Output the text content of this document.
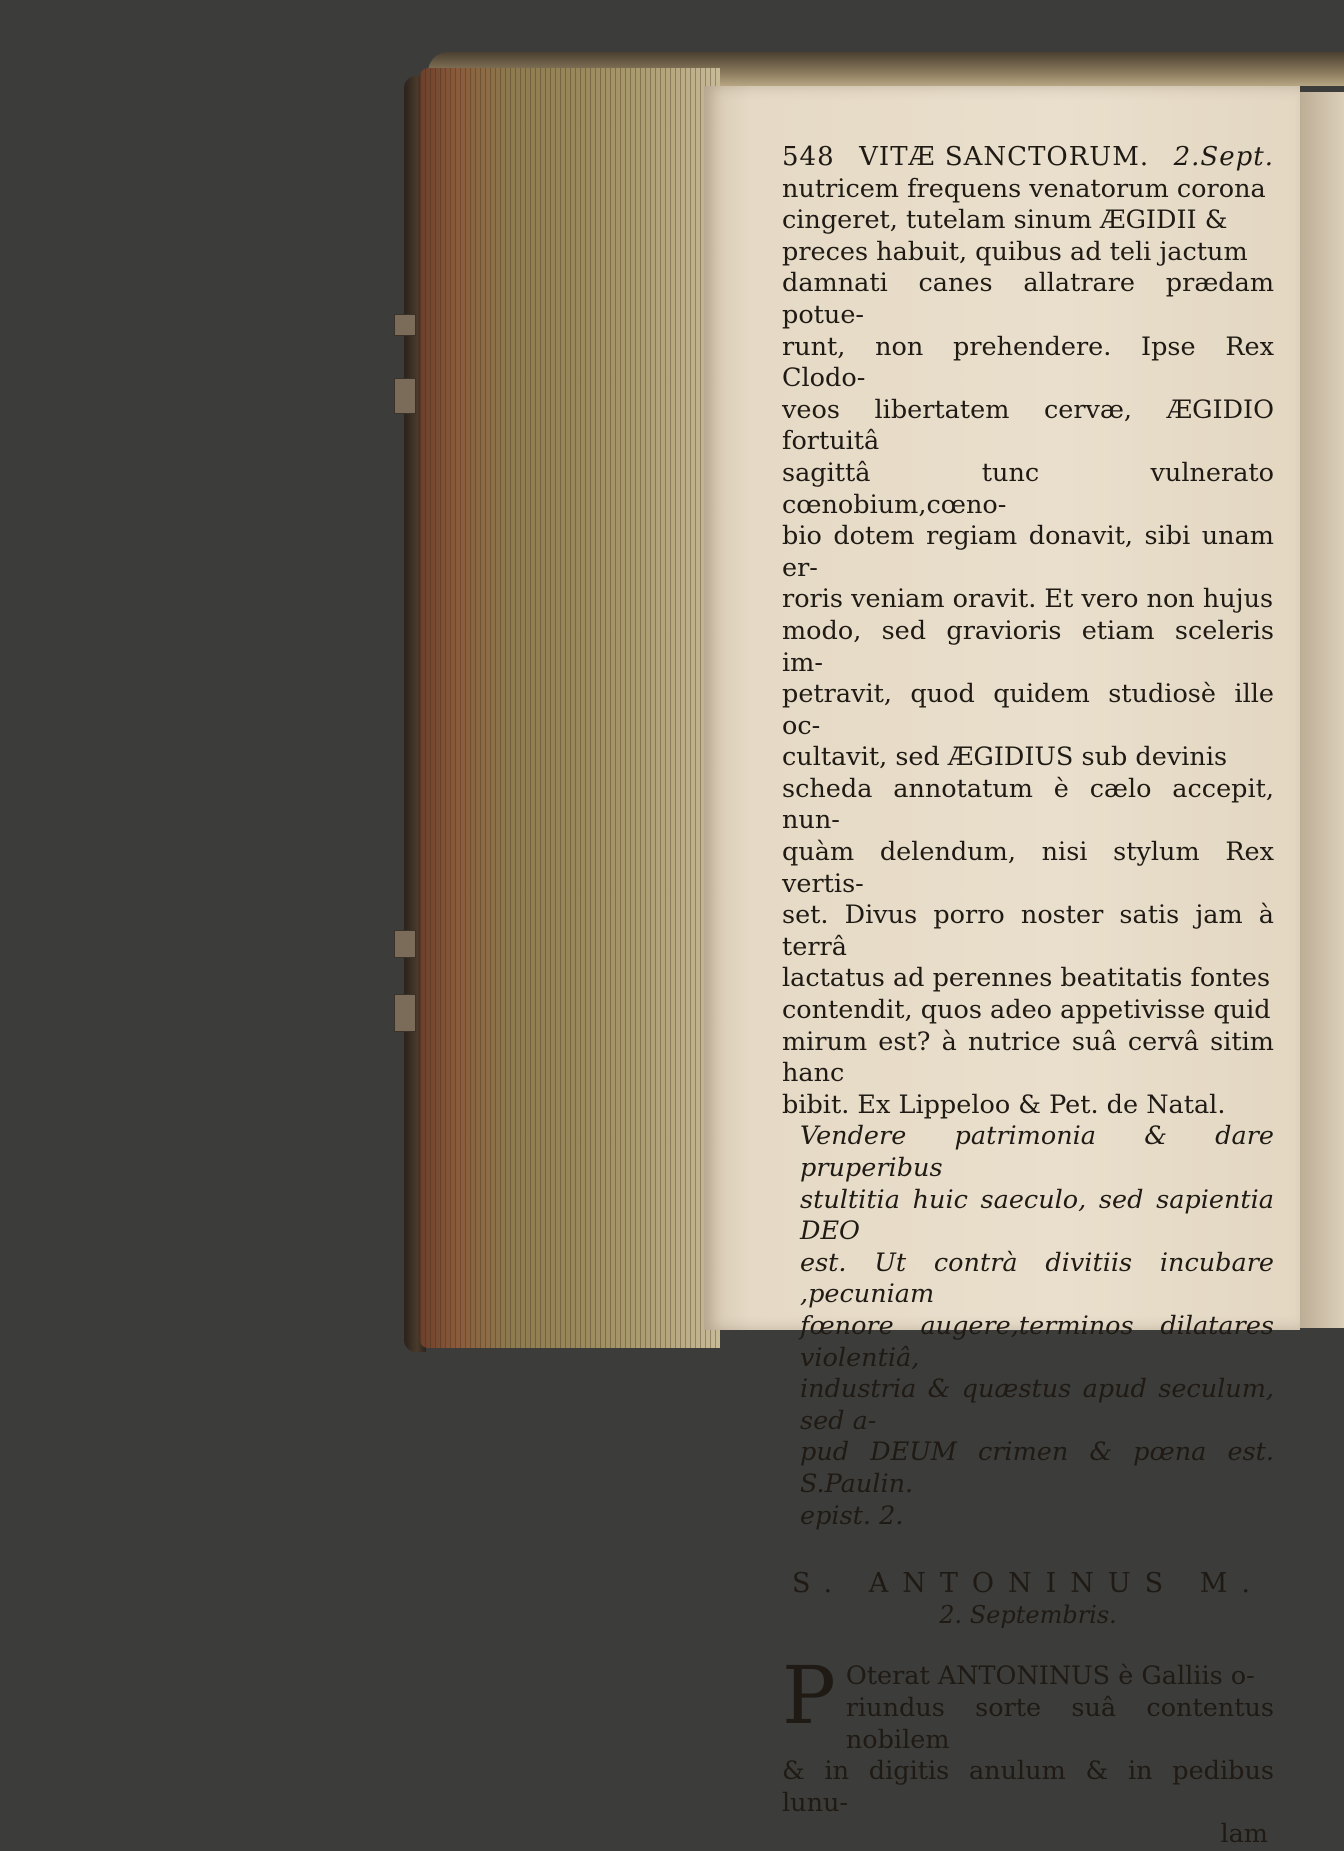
548 VITÆ SANCTORUM. 2.Sept.
nutricem frequens venatorum corona
cingeret, tutelam sinum ÆGIDII &
preces habuit, quibus ad teli jactum
damnati canes allatrare prædam potue-
runt, non prehendere. Ipse Rex Clodo-
veos libertatem cervæ, ÆGIDIO fortuitâ
sagittâ tunc vulnerato cœnobium,cœno-
bio dotem regiam donavit, sibi unam er-
roris veniam oravit. Et vero non hujus
modo, sed gravioris etiam sceleris im-
petravit, quod quidem studiosè ille oc-
cultavit, sed ÆGIDIUS sub devinis
scheda annotatum è cælo accepit, nun-
quàm delendum, nisi stylum Rex vertis-
set. Divus porro noster satis jam à terrâ
lactatus ad perennes beatitatis fontes
contendit, quos adeo appetivisse quid
mirum est? à nutrice suâ cervâ sitim hanc
bibit. Ex Lippeloo & Pet. de Natal.
Vendere patrimonia & dare pruperibus
stultitia huic saeculo, sed sapientia DEO
est. Ut contrà divitiis incubare ,pecuniam
fœnore augere,terminos dilatares violentiâ,
industria & quæstus apud seculum, sed a-
pud DEUM crimen & pœna est. S.Paulin.
epist. 2.
S. ANTONINUS M.
2. Septembris.
P Oterat ANTONINUS è Galliis o-
riundus sorte suâ contentus nobilem
& in digitis anulum & in pedibus lunu-
lam
